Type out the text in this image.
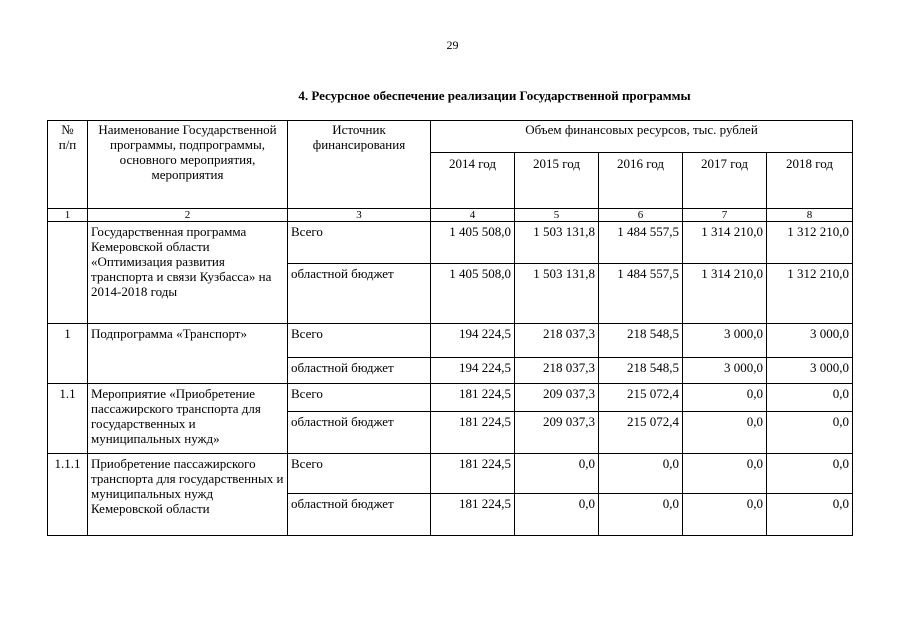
29
4. Ресурсное обеспечение реализации Государственной программы
№
п/п	Наименование Государственной программы, подпрограммы, основного мероприятия, мероприятия	Источник финансирования	Объем финансовых ресурсов, тыс. рублей				
			2014 год	2015 год	2016 год	2017 год	2018 год
1	2	3	4	5	6	7	8
	Государственная программа Кемеровской области «Оптимизация развития транспорта и связи Кузбасса» на 2014-2018 годы	Всего	1 405 508,0	1 503 131,8	1 484 557,5	1 314 210,0	1 312 210,0
		областной бюджет	1 405 508,0	1 503 131,8	1 484 557,5	1 314 210,0	1 312 210,0
1	Подпрограмма «Транспорт»	Всего	194 224,5	218 037,3	218 548,5	3 000,0	3 000,0
		областной бюджет	194 224,5	218 037,3	218 548,5	3 000,0	3 000,0
1.1	Мероприятие «Приобретение пассажирского транспорта для государственных и муниципальных нужд»	Всего	181 224,5	209 037,3	215 072,4	0,0	0,0
		областной бюджет	181 224,5	209 037,3	215 072,4	0,0	0,0
1.1.1	Приобретение пассажирского транспорта для государственных и муниципальных нужд Кемеровской области	Всего	181 224,5	0,0	0,0	0,0	0,0
		областной бюджет	181 224,5	0,0	0,0	0,0	0,0
